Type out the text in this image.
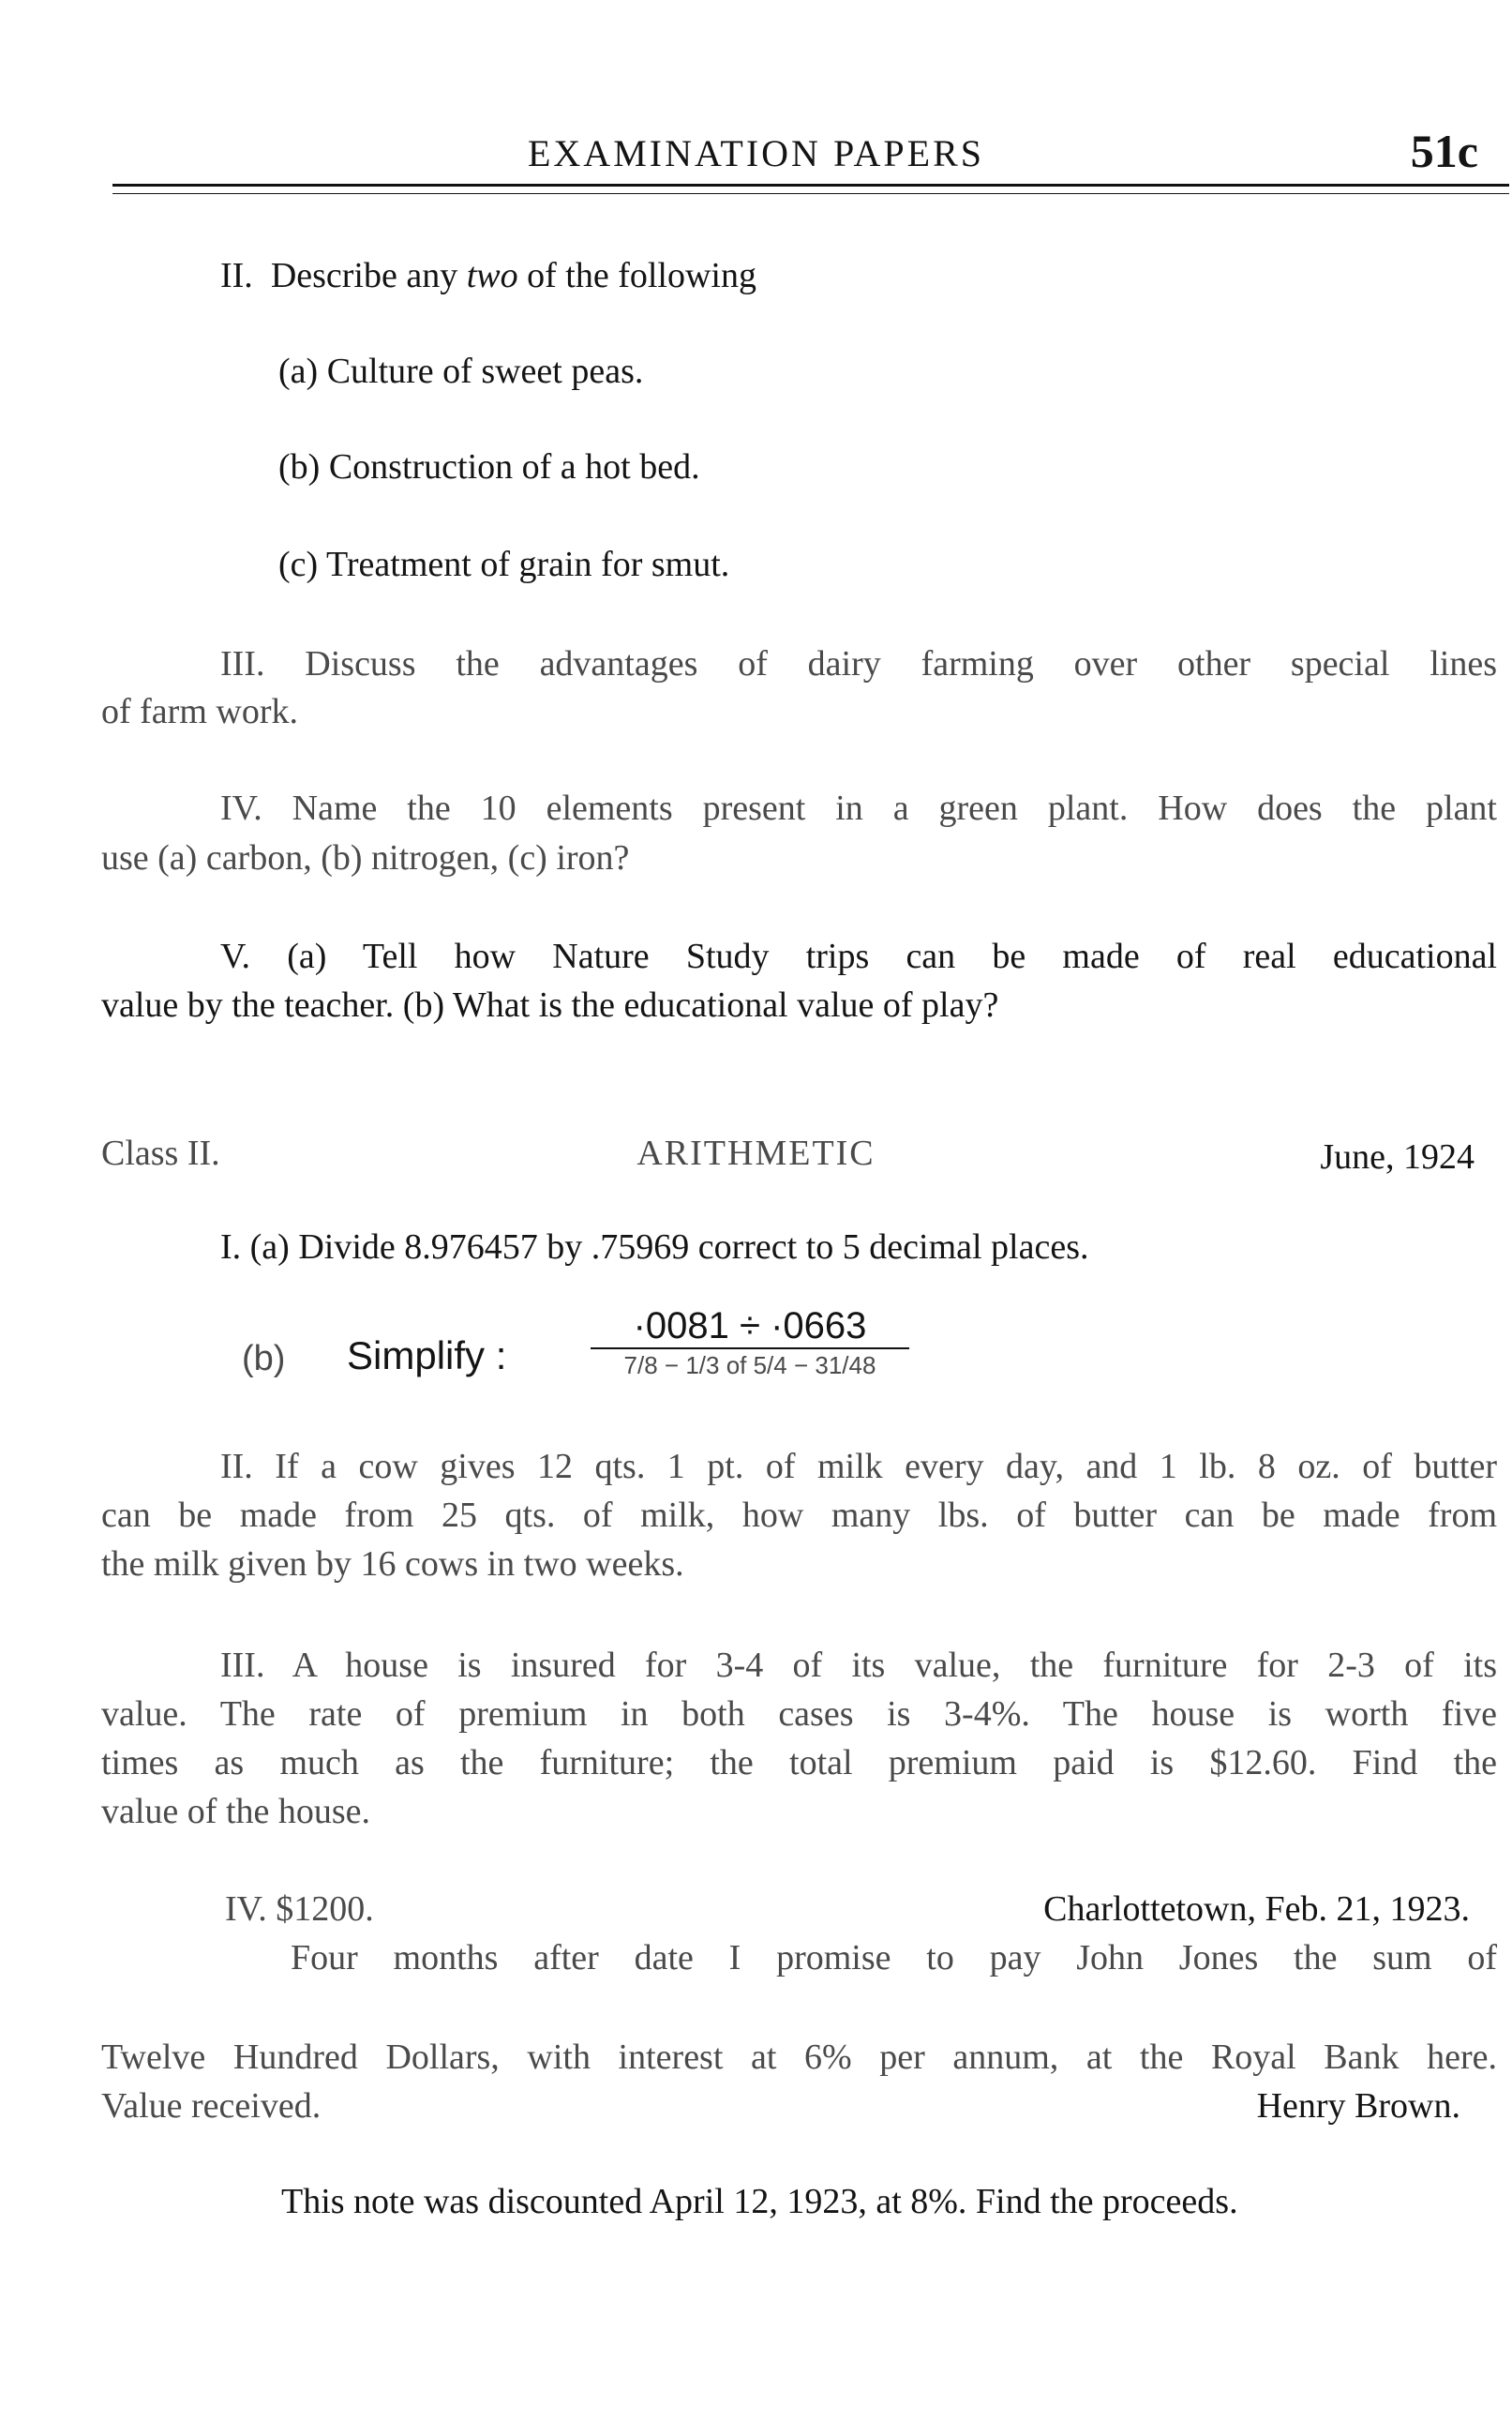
EXAMINATION PAPERS	51c
II. Describe any two of the following
(a) Culture of sweet peas.
(b) Construction of a hot bed.
(c) Treatment of grain for smut.
III. Discuss the advantages of dairy farming over other special lines
of farm work.
IV. Name the 10 elements present in a green plant. How does the plant
use (a) carbon, (b) nitrogen, (c) iron?
V. (a) Tell how Nature Study trips can be made of real educational
value by the teacher. (b) What is the educational value of play?
Class II.	ARITHMETIC	June, 1924
I. (a) Divide 8.976457 by .75969 correct to 5 decimal places.
(b) Simplify :
·0081 ÷ ·0663
7/8 − 1/3 of 5/4 − 31/48
II. If a cow gives 12 qts. 1 pt. of milk every day, and 1 lb. 8 oz. of butter
can be made from 25 qts. of milk, how many lbs. of butter can be made from
the milk given by 16 cows in two weeks.
III. A house is insured for 3-4 of its value, the furniture for 2-3 of its
value. The rate of premium in both cases is 3-4%. The house is worth five
times as much as the furniture; the total premium paid is $12.60. Find the
value of the house.
IV. $1200.	Charlottetown, Feb. 21, 1923.
Four months after date I promise to pay John Jones the sum of
Twelve Hundred Dollars, with interest at 6% per annum, at the Royal Bank here.
Value received.	Henry Brown.
This note was discounted April 12, 1923, at 8%. Find the proceeds.
